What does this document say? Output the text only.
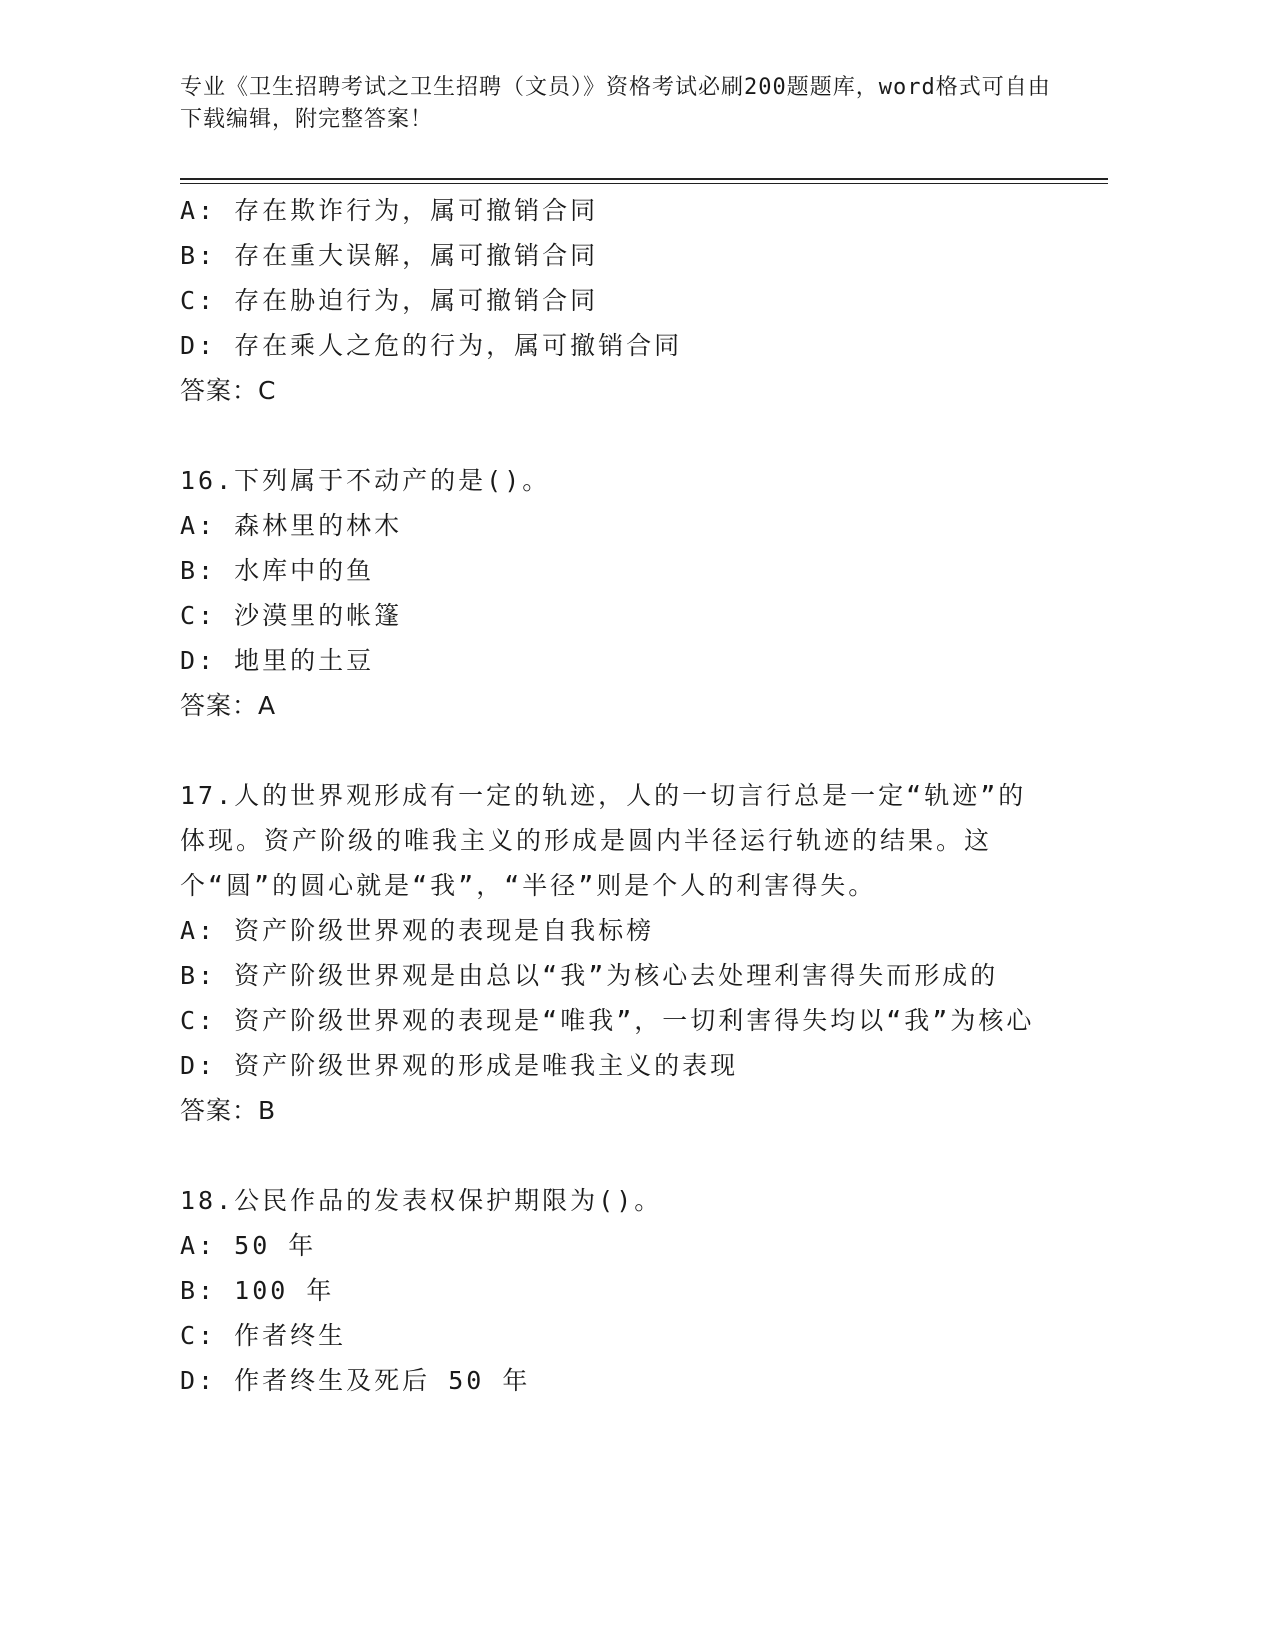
专业《卫生招聘考试之卫生招聘（文员）》资格考试必刷200题题库，word格式可自由下载编辑，附完整答案！
A: 存在欺诈行为，属可撤销合同
B: 存在重大误解，属可撤销合同
C: 存在胁迫行为，属可撤销合同
D: 存在乘人之危的行为，属可撤销合同
答案：C
16.下列属于不动产的是()。
A: 森林里的林木
B: 水库中的鱼
C: 沙漠里的帐篷
D: 地里的土豆
答案：A
17.人的世界观形成有一定的轨迹，人的一切言行总是一定“轨迹”的体现。资产阶级的唯我主义的形成是圆内半径运行轨迹的结果。这个“圆”的圆心就是“我”，“半径”则是个人的利害得失。
A: 资产阶级世界观的表现是自我标榜
B: 资产阶级世界观是由总以“我”为核心去处理利害得失而形成的
C: 资产阶级世界观的表现是“唯我”，一切利害得失均以“我”为核心
D: 资产阶级世界观的形成是唯我主义的表现
答案：B
18.公民作品的发表权保护期限为()。
A: 50 年
B: 100 年
C: 作者终生
D: 作者终生及死后 50 年
